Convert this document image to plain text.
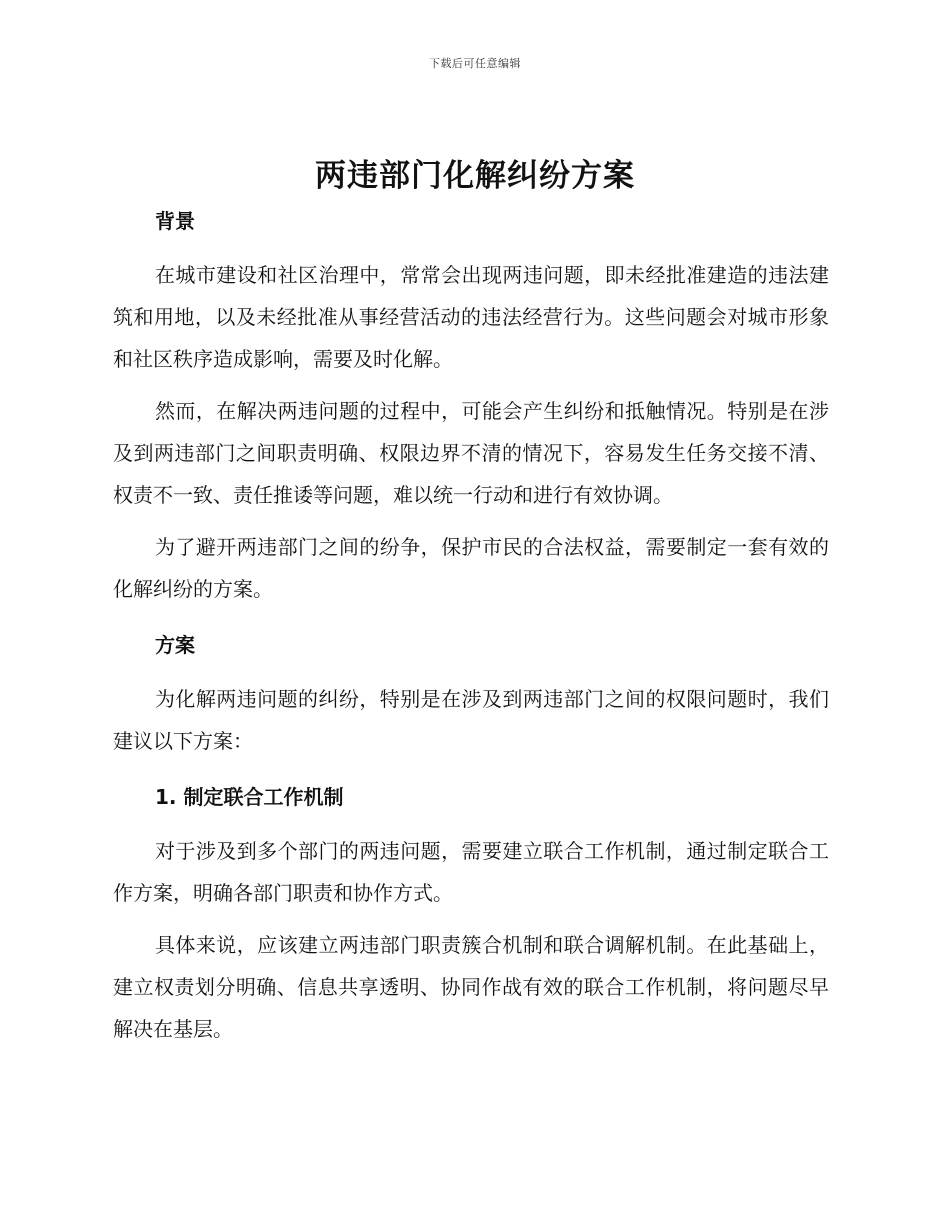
下载后可任意编辑
两违部门化解纠纷方案
背景

在城市建设和社区治理中，常常会出现两违问题，即未经批准建造的违法建筑和用地，以及未经批准从事经营活动的违法经营行为。这些问题会对城市形象和社区秩序造成影响，需要及时化解。

然而，在解决两违问题的过程中，可能会产生纠纷和抵触情况。特别是在涉及到两违部门之间职责明确、权限边界不清的情况下，容易发生任务交接不清、权责不一致、责任推诿等问题，难以统一行动和进行有效协调。

为了避开两违部门之间的纷争，保护市民的合法权益，需要制定一套有效的化解纠纷的方案。

方案

为化解两违问题的纠纷，特别是在涉及到两违部门之间的权限问题时，我们建议以下方案：

1. 制定联合工作机制

对于涉及到多个部门的两违问题，需要建立联合工作机制，通过制定联合工作方案，明确各部门职责和协作方式。

具体来说，应该建立两违部门职责簇合机制和联合调解机制。在此基础上，建立权责划分明确、信息共享透明、协同作战有效的联合工作机制，将问题尽早解决在基层。
